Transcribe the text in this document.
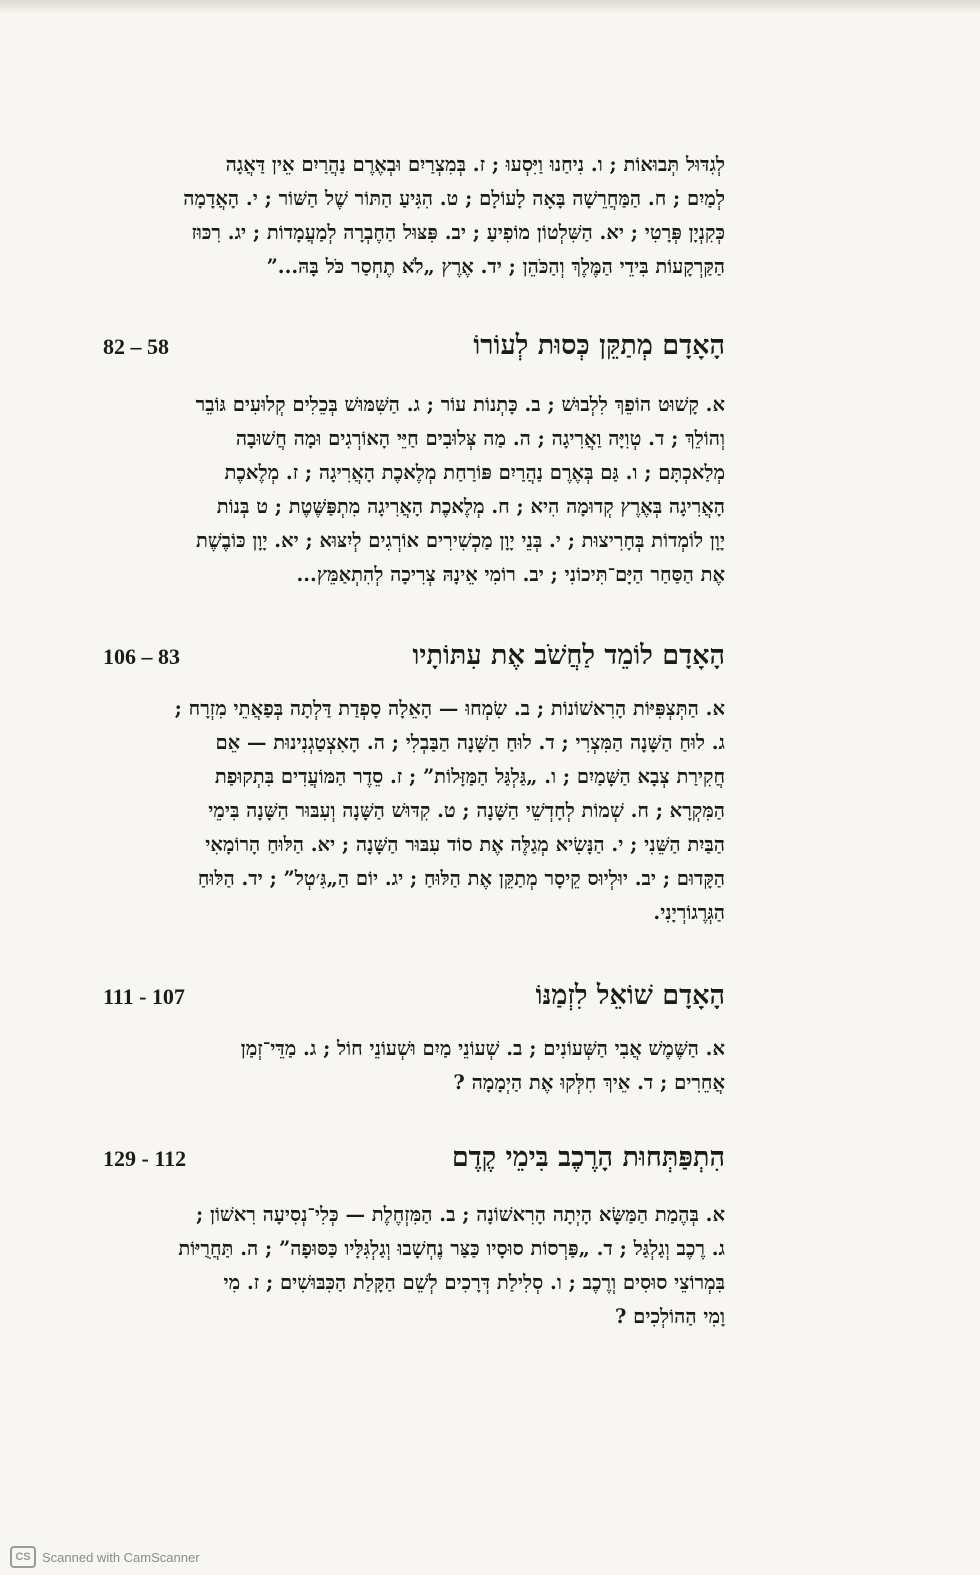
לְגִדּוּל תְּבוּאוֹת ; ו. נִיחַנוּ וַיִּסְעוּ ; ז. בְּמִצְרַיִם וּבְאֶרֶם נַהֲרַיִם אֵין דַּאֲגָה
לְמַיִם ; ח. הַמַּחֲרֵשָׁה בָּאָה לָעוֹלָם ; ט. הִגִּיעַ הַתּוֹר שֶׁל הַשּׁוֹר ; י. הָאֲדָמָה
כְּקִנְיָן פְּרָטִי ; יא. הַשִּׁלְטוֹן מוֹפִיעַ ; יב. פִּצּוּל הַחֶבְרָה לְמַעֲמָדוֹת ; יג. רִכּוּז
הַקַּרְקָעוֹת בִּידֵי הַמֶּלֶךְ וְהַכֹּהֵן ; יד. אֶרֶץ „לֹא תֶחְסַר כֹּל בָּהּ...”
הָאָדָם מְתַקֵּן כְּסוּת לְעוֹרוֹ
82 – 58
א. קָשׁוּט הוֹפֵךְ לִלְבוּשׁ ; ב. כָּתְנוֹת עוֹר ; ג. הַשִּׁמּוּשׁ בְּכֵלִים קְלוּעִים גּוֹבֵר
וְהוֹלֵךְ ; ד. טְוִיָּה וַאֲרִיגָה ; ה. מַה צְּלוּבִים חַיֵּי הָאוֹרְגִים וּמָה חֲשׁוּבָה
מְלַאכְתָּם ; ו. גַּם בְּאֶרֶם נַהֲרַיִם פּוֹרַחַת מְלֶאכֶת הָאֲרִיגָה ; ז. מְלֶאכֶת
הָאֲרִיגָה בְּאֶרֶץ קְדוּמָה הִיא ; ח. מְלֶאכֶת הָאֲרִיגָה מִתְפַּשֶּׁטֶת ; ט בְּנוֹת
יָוָן לוֹמְדוֹת בְּחָרִיצוּת ; י. בְּנֵי יָוָן מַכְשִׁירִים אוֹרְגִים לְיִצּוּא ; יא. יָוָן כּוֹבֶשֶׁת
אֶת הַסַּחַר הַיָּם־תִּיכוֹנִי ; יב. רוֹמִי אֵינָהּ צְרִיכָה לְהִתְאַמֵּץ...
הָאָדָם לוֹמֵד לַחֲשֹׁב אֶת עִתּוֹתָיו
106 – 83
א. הַתְּצְפִּיּוֹת הָרִאשׁוֹנוֹת ; ב. שִׂמְחוּ — הָאֵלָה סָפְדַת דַּלְתָה בְּפַאֲתֵי מִזְרָח ;
ג. לוּחַ הַשָּׁנָה הַמִּצְרִי ; ד. לוּחַ הַשָּׁנָה הַבַּבְלִי ; ה. הָאִצְטַגְנִינוּת — אֵם
חֲקִירַת צְבָא הַשָּׁמַיִם ; ו. „גַּלְגַּל הַמַּזָּלוֹת” ; ז. סֵדֶר הַמּוֹעֲדִים בִּתְקוּפַת
הַמִּקְרָא ; ח. שְׁמוֹת לְחָדְשֵׁי הַשָּׁנָה ; ט. קִדּוּשׁ הַשָּׁנָה וְעִבּוּר הַשָּׁנָה בִּימֵי
הַבַּיִת הַשֵּׁנִי ; י. הַנָּשִׂיא מְגַלֶּה אֶת סוֹד עִבּוּר הַשָּׁנָה ; יא. הַלּוּחַ הָרוֹמָאִי
הַקָּדוּם ; יב. יוּלְיוּס קֵיסָר מְתַקֵּן אֶת הַלּוּחַ ; יג. יוֹם הַ„גִּ׳טְל” ; יד. הַלּוּחַ
הַגְּרֶגוֹרְיָנִי.
הָאָדָם שׁוֹאֵל לִזְמַנּוֹ
111 - 107
א. הַשֶּׁמֶשׁ אֲבִי הַשְּׁעוֹנִים ; ב. שְׁעוֹנֵי מַיִם וּשְׁעוֹנֵי חוֹל ; ג. מַדֵּי־זְמַן
אֲחֵרִים ; ד. אֵיךְ חִלְּקוּ אֶת הַיְמָמָה ?
הִתְפַּתְּחוּת הָרֶכֶב בִּימֵי קֶדֶם
129 - 112
א. בְּהֶמַת הַמַּשָּׂא הָיְתָה הָרִאשׁוֹנָה ; ב. הַמִּזְחֶלֶת — כְּלִי־נְסִיעָה רִאשׁוֹן ;
ג. רֶכֶב וְגַלְגַּל ; ד. „פַּרְסוֹת סוּסָיו כַּצַּר נֶחְשָׁבוּ וְגַלְגִּלָּיו כַּסּוּפָה” ; ה. תַּחֲרֻיּוֹת
בִּמְרוֹצֵי סוּסִים וְרֶכֶב ; ו. סְלִילַת דְּרָכִים לְשֵׁם הַקָּלַת הַכִּבּוּשִׁים ; ז. מִי
וָמִי הַהוֹלְכִים ?
CS Scanned with CamScanner
